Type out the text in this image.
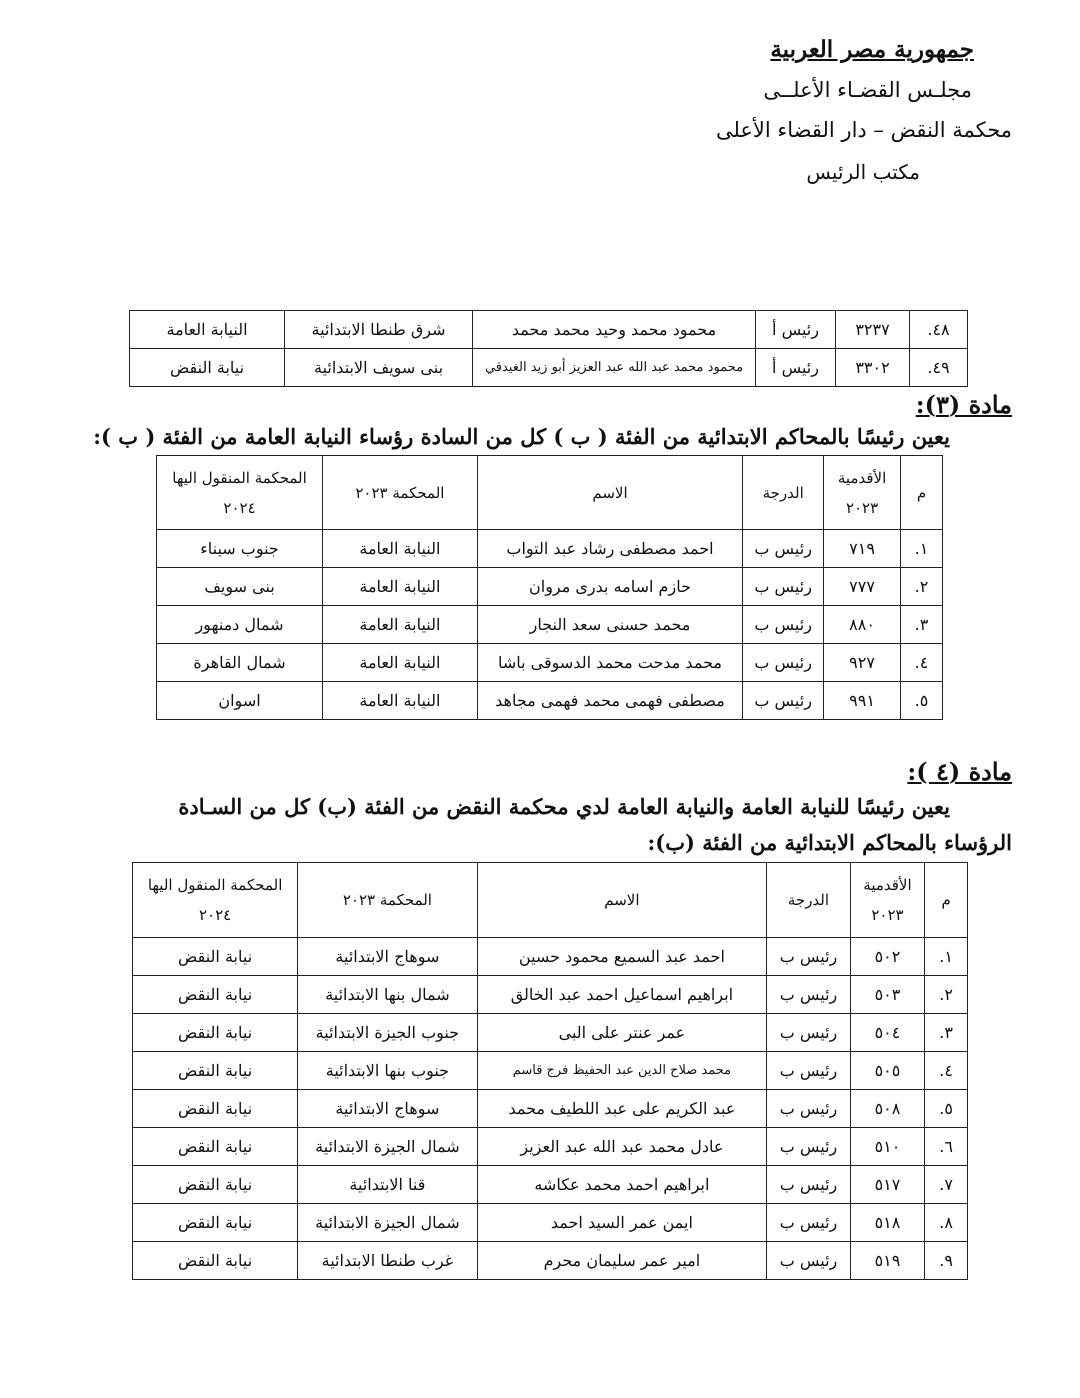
جمهورية مصر العربية
مجلـس القضـاء الأعلــى
محكمة النقض – دار القضاء الأعلى
مكتب الرئيس
٤٨.	٣٢٣٧	رئيس أ	محمود محمد وحيد محمد محمد	شرق طنطا الابتدائية	النيابة العامة
٤٩.	٣٣٠٢	رئيس أ	محمود محمد عبد الله عبد العزيز أبو زيد الغيدقي	بنى سويف الابتدائية	نيابة النقض
مادة (٣):
يعين رئيسًا بالمحاكم الابتدائية من الفئة ( ب ) كل من السادة رؤساء النيابة العامة من الفئة ( ب ):
م	الأقدمية ٢٠٢٣	الدرجة	الاسم	المحكمة ٢٠٢٣	المحكمة المنقول اليها ٢٠٢٤
١.	٧١٩	رئيس ب	احمد مصطفى رشاد عبد التواب	النيابة العامة	جنوب سيناء
٢.	٧٧٧	رئيس ب	حازم اسامه بدرى مروان	النيابة العامة	بنى سويف
٣.	٨٨٠	رئيس ب	محمد حسنى سعد النجار	النيابة العامة	شمال دمنهور
٤.	٩٢٧	رئيس ب	محمد مدحت محمد الدسوقى باشا	النيابة العامة	شمال القاهرة
٥.	٩٩١	رئيس ب	مصطفى فهمى محمد فهمى مجاهد	النيابة العامة	اسوان
مادة (٤ ):
يعين رئيسًا للنيابة العامة والنيابة العامة لدي محكمة النقض من الفئة (ب) كل من السـادة
الرؤساء بالمحاكم الابتدائية من الفئة (ب):
م	الأقدمية ٢٠٢٣	الدرجة	الاسم	المحكمة ٢٠٢٣	المحكمة المنقول اليها ٢٠٢٤
١.	٥٠٢	رئيس ب	احمد عبد السميع محمود حسين	سوهاج الابتدائية	نيابة النقض
٢.	٥٠٣	رئيس ب	ابراهيم اسماعيل احمد عبد الخالق	شمال بنها الابتدائية	نيابة النقض
٣.	٥٠٤	رئيس ب	عمر عنتر على البى	جنوب الجيزة الابتدائية	نيابة النقض
٤.	٥٠٥	رئيس ب	محمد صلاح الدين عبد الحفيظ فرج قاسم	جنوب بنها الابتدائية	نيابة النقض
٥.	٥٠٨	رئيس ب	عبد الكريم على عبد اللطيف محمد	سوهاج الابتدائية	نيابة النقض
٦.	٥١٠	رئيس ب	عادل محمد عبد الله عبد العزيز	شمال الجيزة الابتدائية	نيابة النقض
٧.	٥١٧	رئيس ب	ابراهيم احمد محمد عكاشه	قنا الابتدائية	نيابة النقض
٨.	٥١٨	رئيس ب	ايمن عمر السيد احمد	شمال الجيزة الابتدائية	نيابة النقض
٩.	٥١٩	رئيس ب	امير عمر سليمان محرم	غرب طنطا الابتدائية	نيابة النقض
